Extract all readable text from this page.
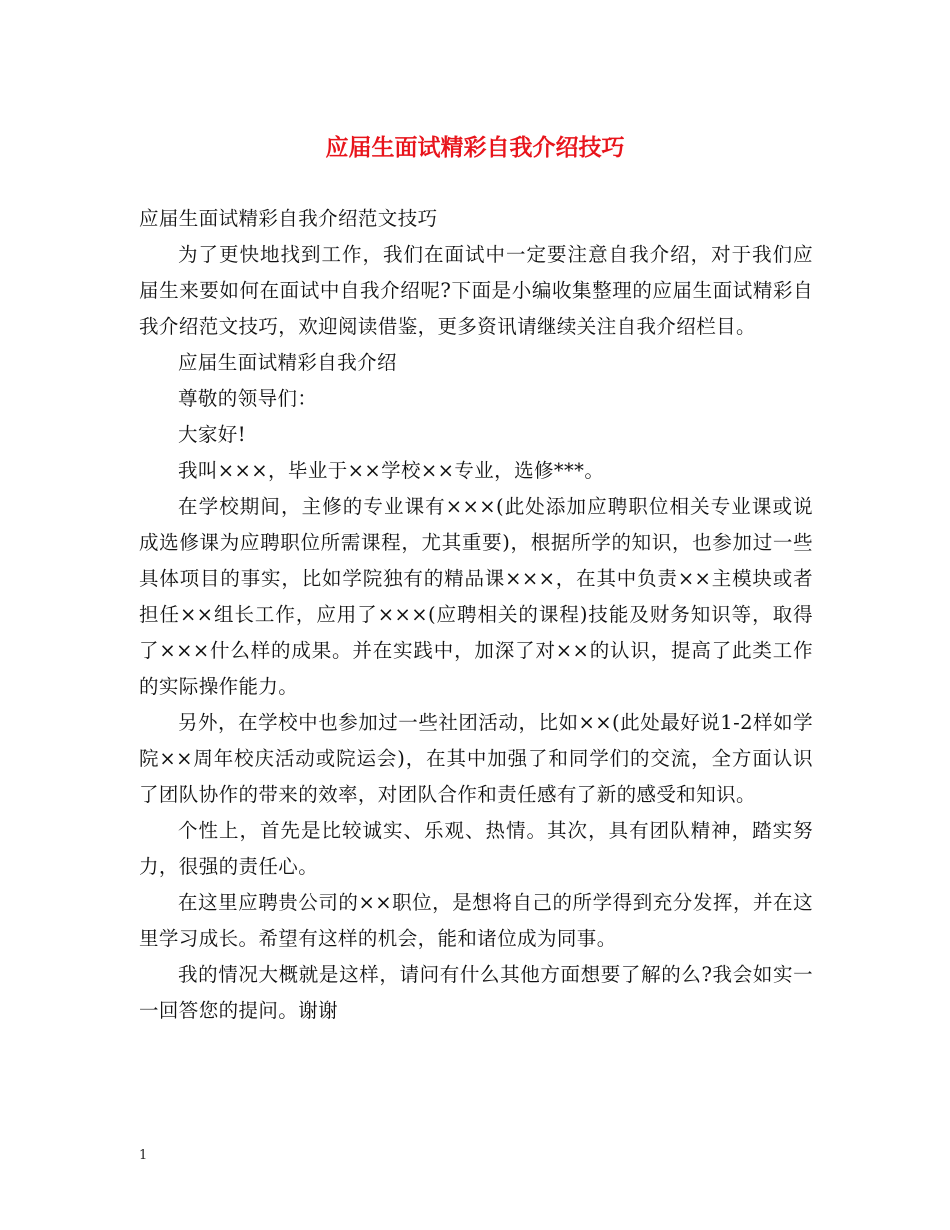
应届生面试精彩自我介绍技巧

应届生面试精彩自我介绍范文技巧

为了更快地找到工作，我们在面试中一定要注意自我介绍，对于我们应届生来要如何在面试中自我介绍呢?下面是小编收集整理的应届生面试精彩自我介绍范文技巧，欢迎阅读借鉴，更多资讯请继续关注自我介绍栏目。

应届生面试精彩自我介绍

尊敬的领导们：

大家好!

我叫×××，毕业于××学校××专业，选修***。

在学校期间，主修的专业课有×××(此处添加应聘职位相关专业课或说成选修课为应聘职位所需课程，尤其重要)，根据所学的知识，也参加过一些具体项目的事实，比如学院独有的精品课×××，在其中负责××主模块或者担任××组长工作，应用了×××(应聘相关的课程)技能及财务知识等，取得了×××什么样的成果。并在实践中，加深了对××的认识，提高了此类工作的实际操作能力。

另外，在学校中也参加过一些社团活动，比如××(此处最好说1-2样如学院××周年校庆活动或院运会)，在其中加强了和同学们的交流，全方面认识了团队协作的带来的效率，对团队合作和责任感有了新的感受和知识。

个性上，首先是比较诚实、乐观、热情。其次，具有团队精神，踏实努力，很强的责任心。

在这里应聘贵公司的××职位，是想将自己的所学得到充分发挥，并在这里学习成长。希望有这样的机会，能和诸位成为同事。

我的情况大概就是这样，请问有什么其他方面想要了解的么?我会如实一一回答您的提问。谢谢

1
